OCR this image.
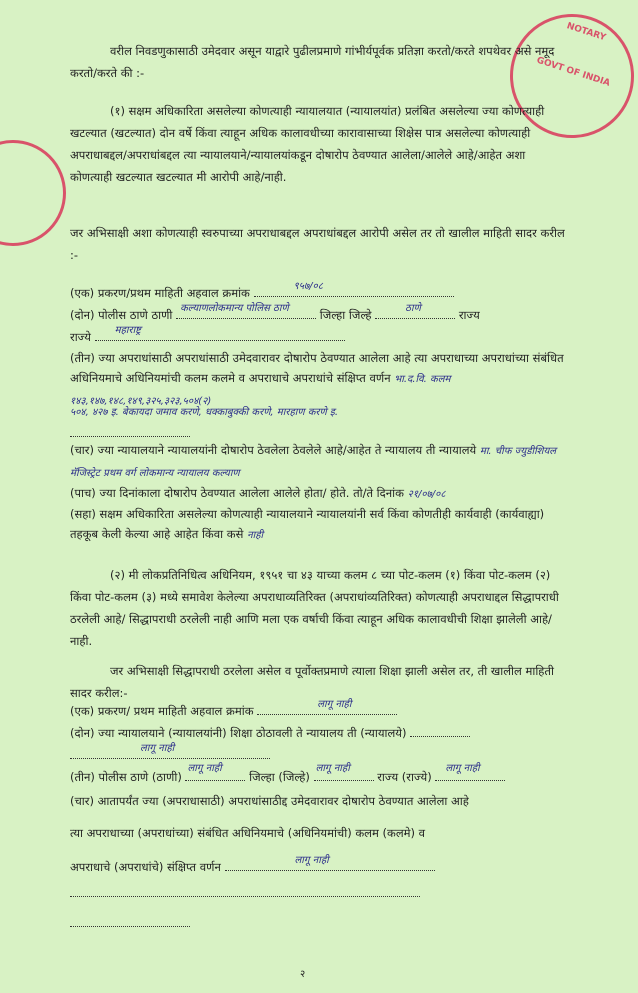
NOTARY
GOVT OF INDIA
वरील निवडणुकासाठी उमेदवार असून याद्वारे पुढीलप्रमाणे गांभीर्यपूर्वक प्रतिज्ञा करतो/करते शपथेवर असे नमूद करतो/करते की :-
(१) सक्षम अधिकारिता असलेल्या कोणत्याही न्यायालयात (न्यायालयांत) प्रलंबित असलेल्या ज्या कोणत्याही खटल्यात (खटल्यात) दोन वर्षे किंवा त्याहून अधिक कालावधीच्या कारावासाच्या शिक्षेस पात्र असलेल्या कोणत्याही अपराधाबद्दल/अपराधांबद्दल त्या न्यायालयाने/न्यायालयांकडून दोषारोप ठेवण्यात आलेला/आलेले आहे/आहेत अशा कोणत्याही खटल्यात खटल्यात मी आरोपी आहे/नाही.
जर अभिसाक्षी अशा कोणत्याही स्वरुपाच्या अपराधाबद्दल अपराधांबद्दल आरोपी असेल तर तो खालील माहिती सादर करील :-
(एक) प्रकरण/प्रथम माहिती अहवाल क्रमांक	९५७/०८
(दोन) पोलीस ठाणे ठाणी कल्याणलोकमान्य पोलिस ठाणे	जिल्हा जिल्हे	ठाणे	राज्य
राज्ये महाराष्ट्र
(तीन) ज्या अपराधांसाठी अपराधांसाठी उमेदवारावर दोषारोप ठेवण्यात आलेला आहे त्या अपराधाच्या अपराधांच्या संबंधित अधिनियमाचे अधिनियमांची कलम कलमे व अपराधाचे अपराधांचे संक्षिप्त वर्णन भा.द.वि. कलम १४३,१४७,१४८,१४९,३२५,३२३,५०४(२)
५०४, ४२७ इ. बेकायदा जमाव करणे, धक्काबुक्की करणे, मारहाण करणे इ.
(चार) ज्या न्यायालयाने न्यायालयांनी दोषारोप ठेवलेला ठेवलेले आहे/आहेत ते न्यायालय ती न्यायालये मा. चीफ ज्युडीशियल मॅजिस्ट्रेट प्रथम वर्ग लोकमान्य न्यायालय कल्याण
(पाच) ज्या दिनांकाला दोषारोप ठेवण्यात आलेला आलेले होता/ होते. तो/ते दिनांक २१/०७/०८
(सहा) सक्षम अधिकारिता असलेल्या कोणत्याही न्यायालयाने न्यायालयांनी सर्व किंवा कोणतीही कार्यवाही (कार्यवाह्या) तहकूब केली केल्या आहे आहेत किंवा कसे नाही
(२) मी लोकप्रतिनिधित्व अधिनियम, १९५१ चा ४३ याच्या कलम ८ च्या पोट-कलम (१) किंवा पोट-कलम (२) किंवा पोट-कलम (३) मध्ये समावेश केलेल्या अपराधाव्यतिरिक्त (अपराधांव्यतिरिक्त) कोणत्याही अपराधाद्दल सिद्धापराधी ठरलेली आहे/ सिद्धापराधी ठरलेली नाही आणि मला एक वर्षाची किंवा त्याहून अधिक कालावधीची शिक्षा झालेली आहे/ नाही.
जर अभिसाक्षी सिद्धापराधी ठरलेला असेल व पूर्वोक्तप्रमाणे त्याला शिक्षा झाली असेल तर, ती खालील माहिती सादर करील:-
(एक) प्रकरण/ प्रथम माहिती अहवाल क्रमांक	लागू नाही
(दोन) ज्या न्यायालयाने (न्यायालयांनी) शिक्षा ठोठावली ते न्यायालय ती (न्यायालये)
लागू नाही
(तीन) पोलीस ठाणे (ठाणी)
लागू नाही
जिल्हा (जिल्हे)
लागू नाही
राज्य (राज्ये)
लागू नाही
(चार) आतापर्यंत ज्या (अपराधासाठी) अपराधांसाठीद्द उमेदवारावर दोषारोप ठेवण्यात आलेला आहे
त्या अपराधाच्या (अपराधांच्या) संबंधित अधिनियमाचे (अधिनियमांची) कलम (कलमे) व
अपराधाचे (अपराधांचे) संक्षिप्त वर्णन	लागू नाही
२
